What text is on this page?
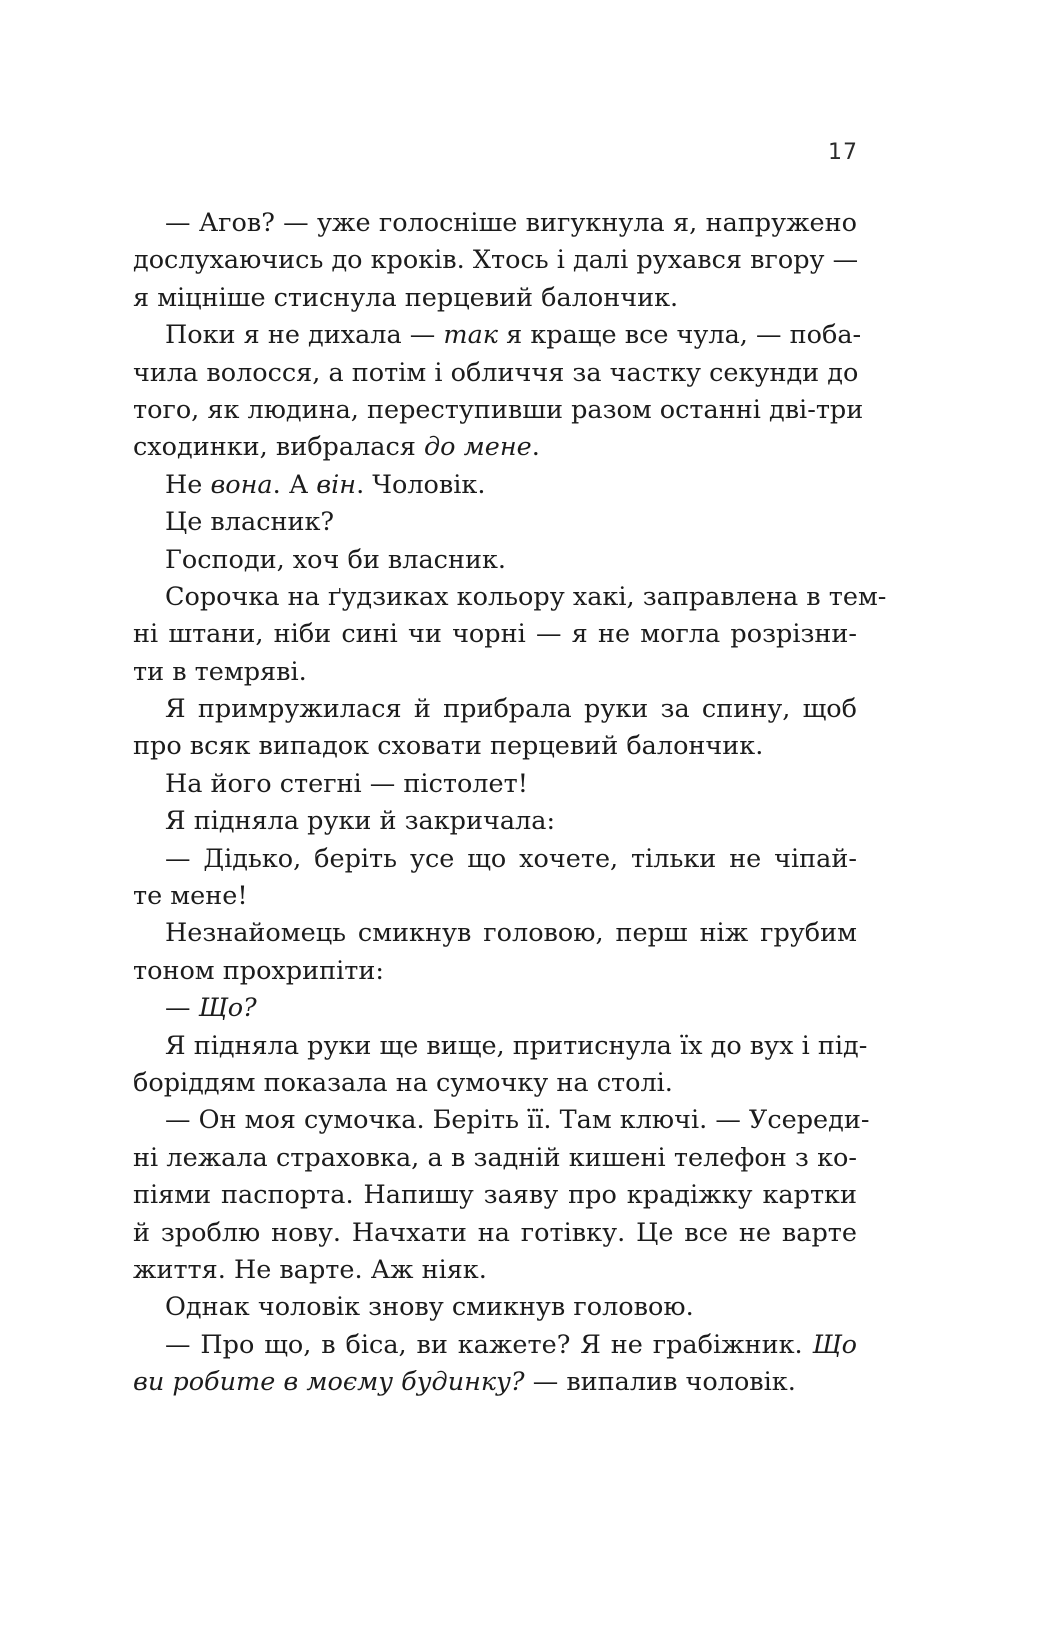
17
— Агов? — уже голосніше вигукнула я, напружено
дослухаючись до кроків. Хтось і далі рухався вгору —
я міцніше стиснула перцевий балончик.
Поки я не дихала — так я краще все чула, — поба-
чила волосся, а потім і обличчя за частку секунди до
того, як людина, переступивши разом останні дві-три
сходинки, вибралася до мене.
Не вона. А він. Чоловік.
Це власник?
Господи, хоч би власник.
Сорочка на ґудзиках кольору хакі, заправлена в тем-
ні штани, ніби сині чи чорні — я не могла розрізни-
ти в темряві.
Я примружилася й прибрала руки за спину, щоб
про всяк випадок сховати перцевий балончик.
На його стегні — пістолет!
Я підняла руки й закричала:
— Дідько, беріть усе що хочете, тільки не чіпай-
те мене!
Незнайомець смикнув головою, перш ніж грубим
тоном прохрипіти:
— Що?
Я підняла руки ще вище, притиснула їх до вух і під-
боріддям показала на сумочку на столі.
— Он моя сумочка. Беріть її. Там ключі. — Усереди-
ні лежала страховка, а в задній кишені телефон з ко-
піями паспорта. Напишу заяву про крадіжку картки
й зроблю нову. Начхати на готівку. Це все не варте
життя. Не варте. Аж ніяк.
Однак чоловік знову смикнув головою.
— Про що, в біса, ви кажете? Я не грабіжник. Що
ви робите в моєму будинку? — випалив чоловік.
